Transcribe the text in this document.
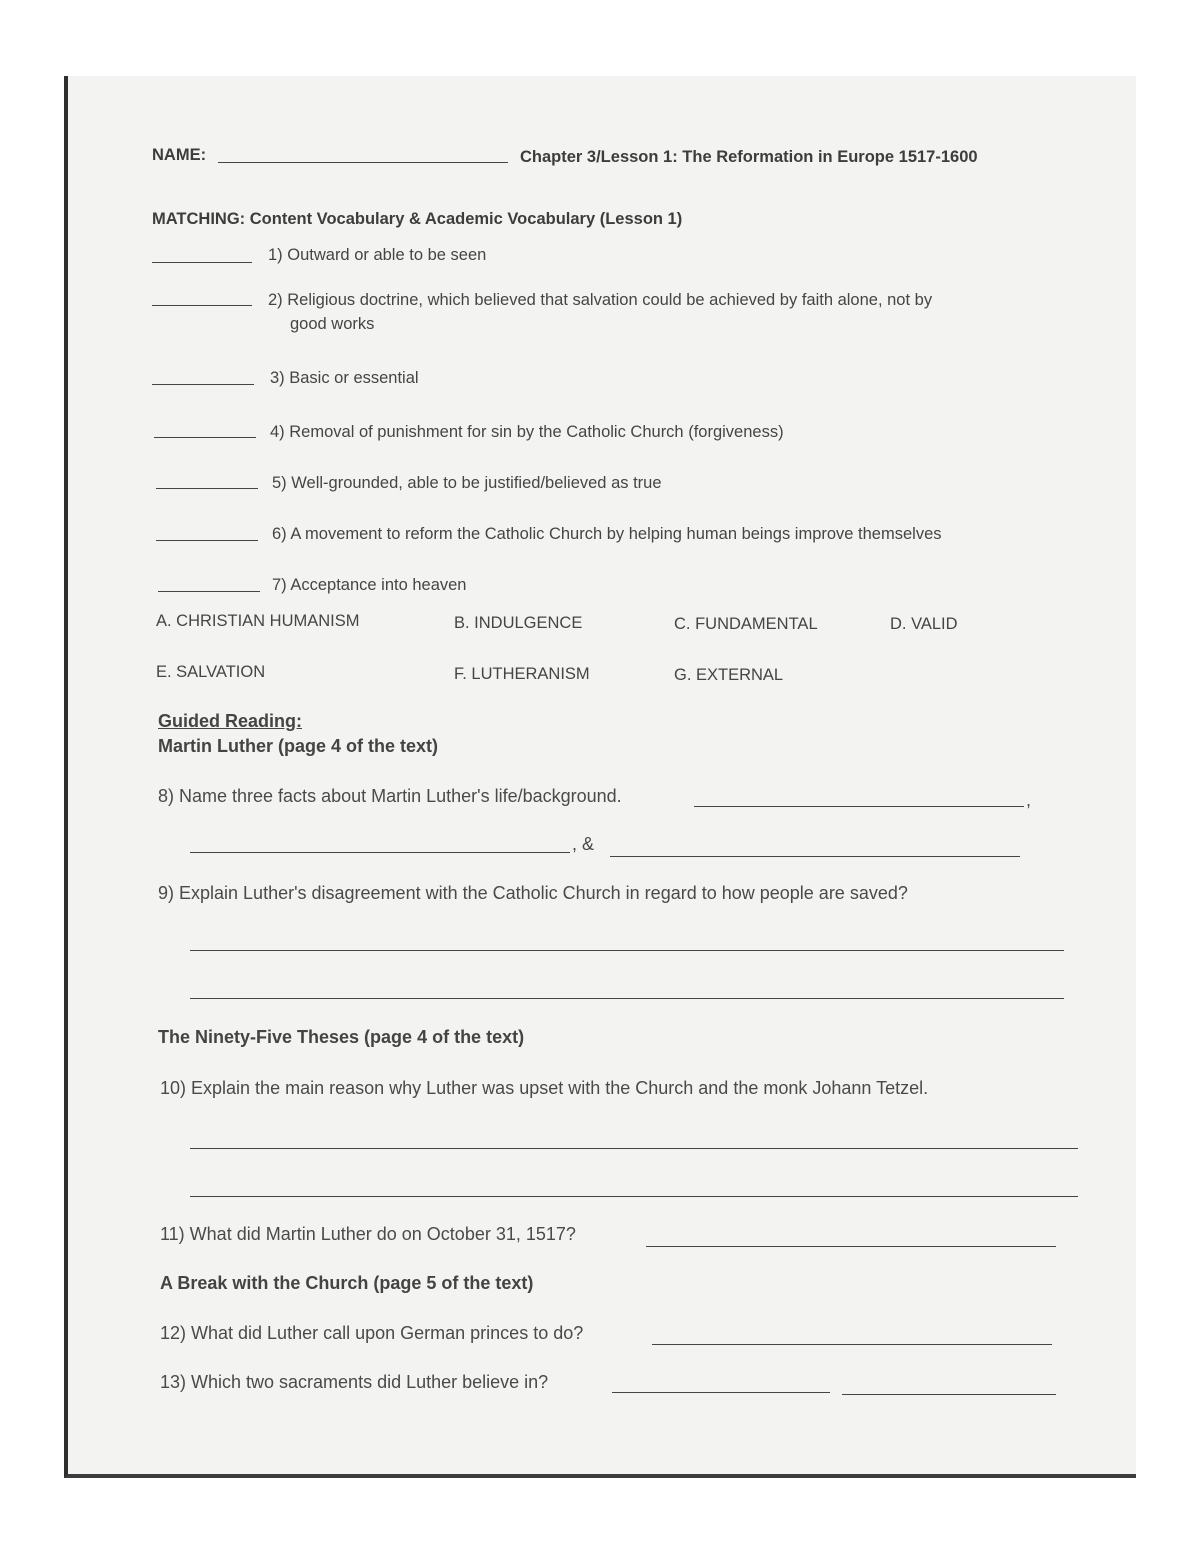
NAME:	Chapter 3/Lesson 1: The Reformation in Europe 1517-1600
MATCHING: Content Vocabulary & Academic Vocabulary (Lesson 1)
1) Outward or able to be seen
2) Religious doctrine, which believed that salvation could be achieved by faith alone, not by
good works
3) Basic or essential
4) Removal of punishment for sin by the Catholic Church (forgiveness)
5) Well-grounded, able to be justified/believed as true
6) A movement to reform the Catholic Church by helping human beings improve themselves
7) Acceptance into heaven
A. CHRISTIAN HUMANISM	B. INDULGENCE	C. FUNDAMENTAL	D. VALID
E. SALVATION	F. LUTHERANISM	G. EXTERNAL
Guided Reading:
Martin Luther (page 4 of the text)
8) Name three facts about Martin Luther's life/background.	,
, &
9) Explain Luther's disagreement with the Catholic Church in regard to how people are saved?
The Ninety-Five Theses (page 4 of the text)
10) Explain the main reason why Luther was upset with the Church and the monk Johann Tetzel.
11) What did Martin Luther do on October 31, 1517?
A Break with the Church (page 5 of the text)
12) What did Luther call upon German princes to do?
13) Which two sacraments did Luther believe in?
